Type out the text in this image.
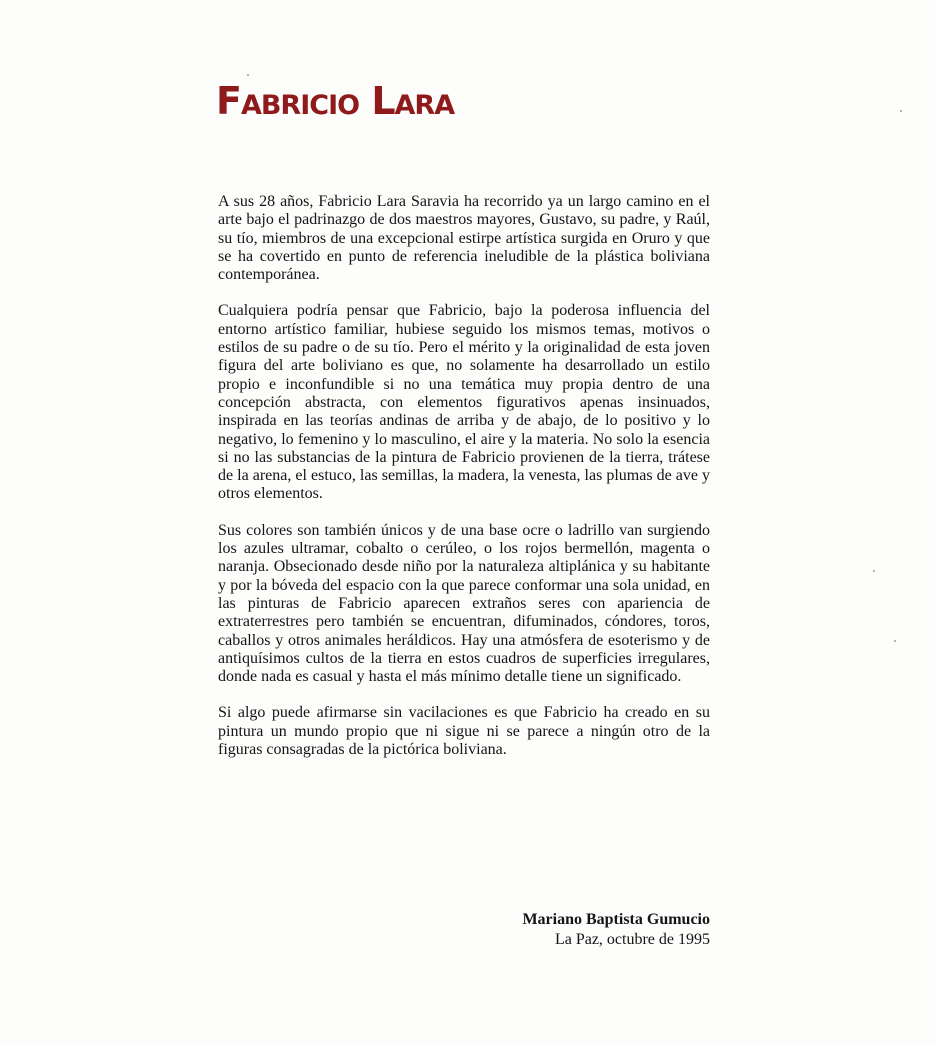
Fabricio Lara

A sus 28 años, Fabricio Lara Saravia ha recorrido ya un largo camino en el arte bajo el padrinazgo de dos maestros mayores, Gustavo, su padre, y Raúl, su tío, miembros de una excepcional estirpe artística surgida en Oruro y que se ha covertido en punto de referencia ineludible de la plástica boliviana contemporánea.

Cualquiera podría pensar que Fabricio, bajo la poderosa influencia del entorno artístico familiar, hubiese seguido los mismos temas, motivos o estilos de su padre o de su tío. Pero el mérito y la originalidad de esta joven figura del arte boliviano es que, no solamente ha desarrollado un estilo propio e inconfundible si no una temática muy propia dentro de una concepción abstracta, con elementos figurativos apenas insinuados, inspirada en las teorías andinas de arriba y de abajo, de lo positivo y lo negativo, lo femenino y lo masculino, el aire y la materia. No solo la esencia si no las substancias de la pintura de Fabricio provienen de la tierra, trátese de la arena, el estuco, las semillas, la madera, la venesta, las plumas de ave y otros elementos.

Sus colores son también únicos y de una base ocre o ladrillo van surgiendo los azules ultramar, cobalto o cerúleo, o los rojos bermellón, magenta o naranja. Obsecionado desde niño por la naturaleza altiplánica y su habitante y por la bóveda del espacio con la que parece conformar una sola unidad, en las pinturas de Fabricio aparecen extraños seres con apariencia de extraterrestres pero también se encuentran, difuminados, cóndores, toros, caballos y otros animales heráldicos. Hay una atmósfera de esoterismo y de antiquísimos cultos de la tierra en estos cuadros de superficies irregulares, donde nada es casual y hasta el más mínimo detalle tiene un significado.

Si algo puede afirmarse sin vacilaciones es que Fabricio ha creado en su pintura un mundo propio que ni sigue ni se parece a ningún otro de la figuras consagradas de la pictórica boliviana.

Mariano Baptista Gumucio
La Paz, octubre de 1995
